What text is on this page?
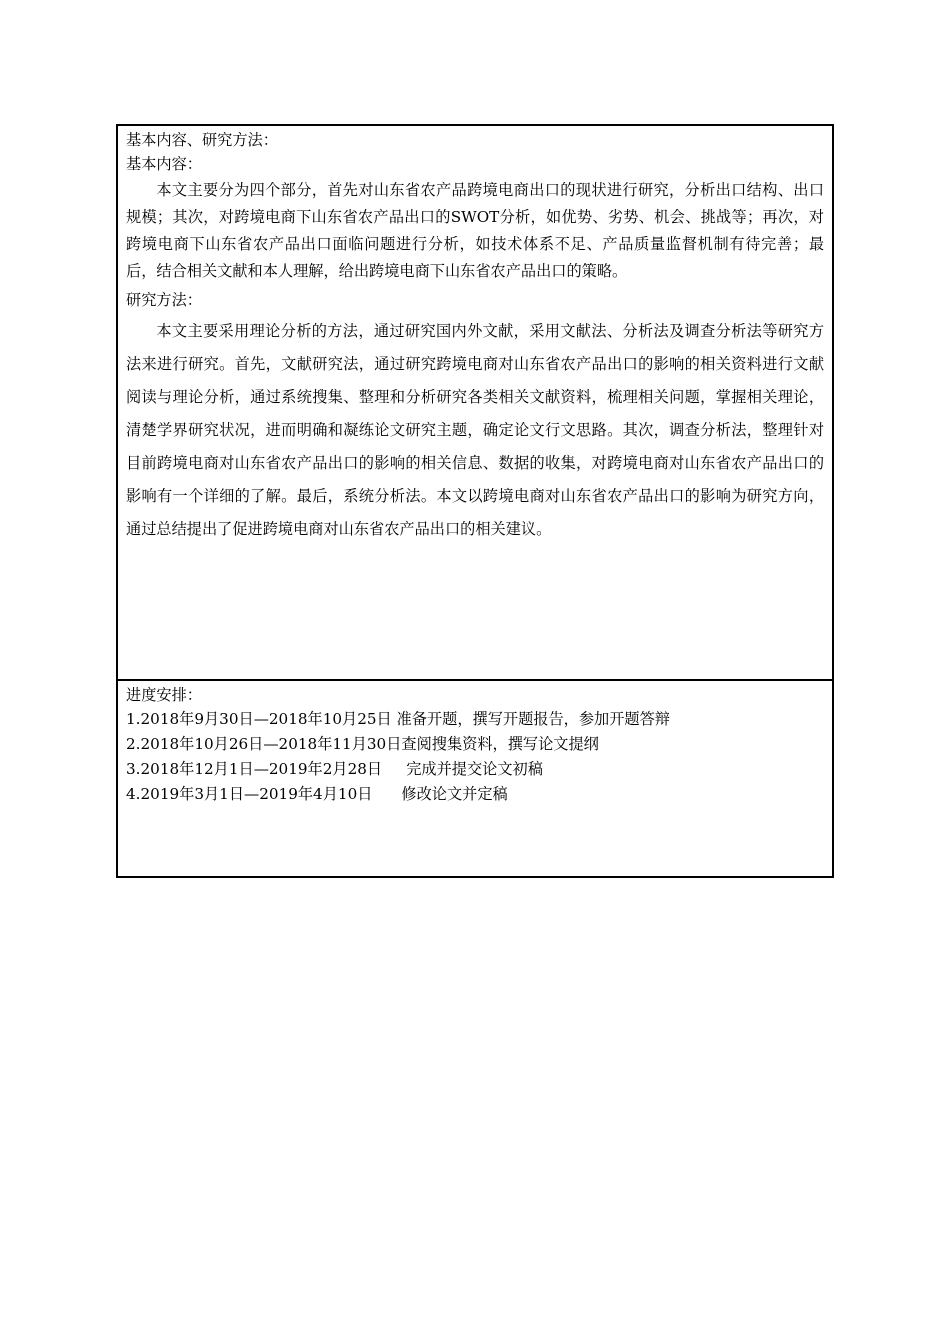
基本内容、研究方法：
基本内容：

本文主要分为四个部分，首先对山东省农产品跨境电商出口的现状进行研究，分析出口结构、出口规模；其次，对跨境电商下山东省农产品出口的SWOT分析，如优势、劣势、机会、挑战等；再次，对跨境电商下山东省农产品出口面临问题进行分析，如技术体系不足、产品质量监督机制有待完善；最后，结合相关文献和本人理解，给出跨境电商下山东省农产品出口的策略。

研究方法：

本文主要采用理论分析的方法，通过研究国内外文献，采用文献法、分析法及调查分析法等研究方法来进行研究。首先，文献研究法，通过研究跨境电商对山东省农产品出口的影响的相关资料进行文献阅读与理论分析，通过系统搜集、整理和分析研究各类相关文献资料，梳理相关问题，掌握相关理论，清楚学界研究状况，进而明确和凝练论文研究主题，确定论文行文思路。其次，调查分析法，整理针对目前跨境电商对山东省农产品出口的影响的相关信息、数据的收集，对跨境电商对山东省农产品出口的影响有一个详细的了解。最后，系统分析法。本文以跨境电商对山东省农产品出口的影响为研究方向，通过总结提出了促进跨境电商对山东省农产品出口的相关建议。

进度安排：
1.2018年9月30日—2018年10月25日 准备开题，撰写开题报告，参加开题答辩
2.2018年10月26日—2018年11月30日查阅搜集资料，撰写论文提纲
3.2018年12月1日—2019年2月28日     完成并提交论文初稿
4.2019年3月1日—2019年4月10日      修改论文并定稿
